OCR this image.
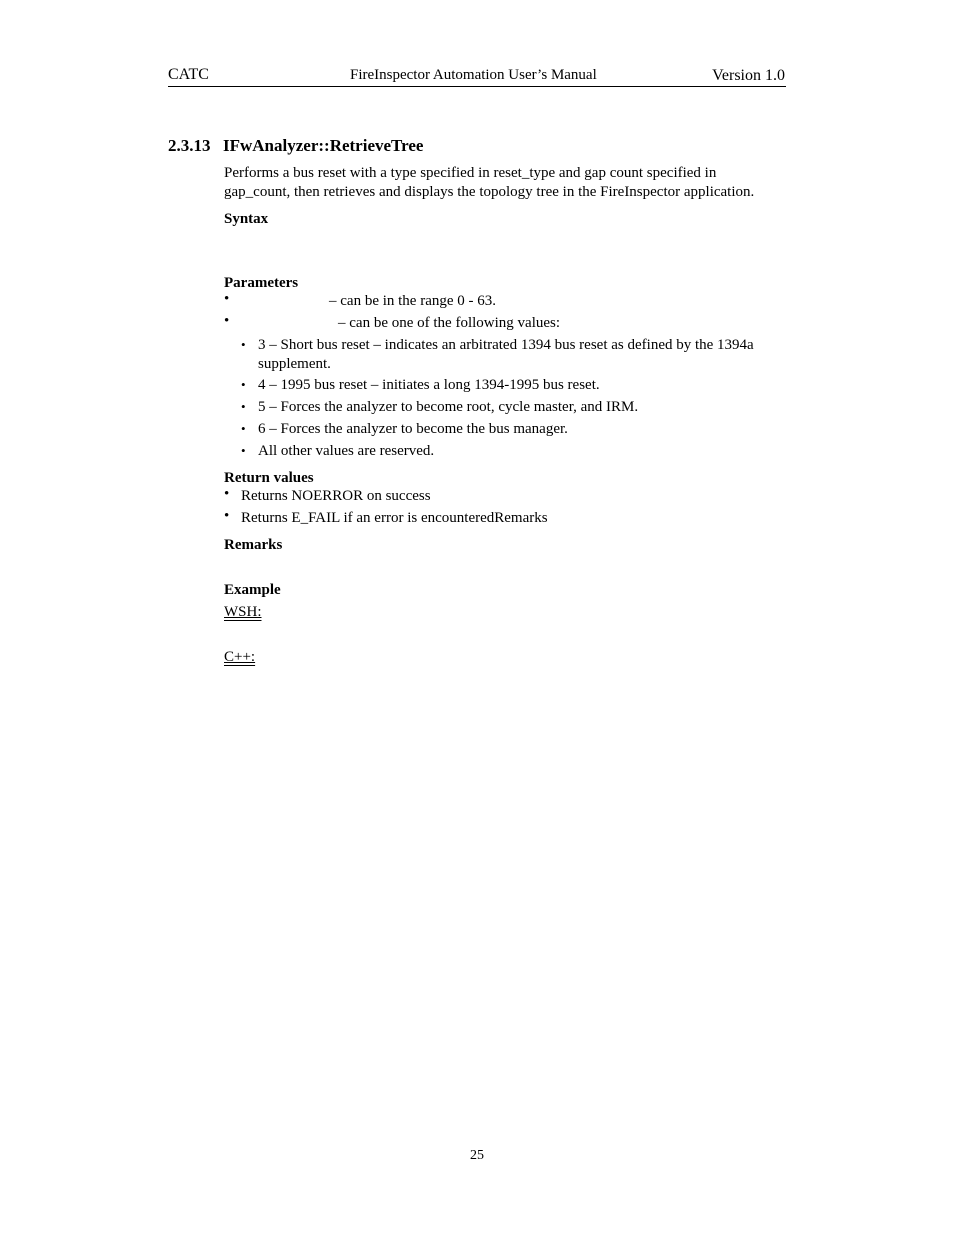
CATC	FireInspector Automation User’s Manual	Version 1.0
2.3.13 IFwAnalyzer::RetrieveTree
Performs a bus reset with a type specified in reset_type and gap count specified in gap_count, then retrieves and displays the topology tree in the FireInspector application.
Syntax
Parameters
•	– can be in the range 0 - 63.
•	– can be one of the following values:
• 3 – Short bus reset – indicates an arbitrated 1394 bus reset as defined by the 1394a supplement.
• 4 – 1995 bus reset – initiates a long 1394-1995 bus reset.
• 5 – Forces the analyzer to become root, cycle master, and IRM.
• 6 – Forces the analyzer to become the bus manager.
• All other values are reserved.
Return values
• Returns NOERROR on success
• Returns E_FAIL if an error is encounteredRemarks
Remarks
Example
WSH:
C++:
25
